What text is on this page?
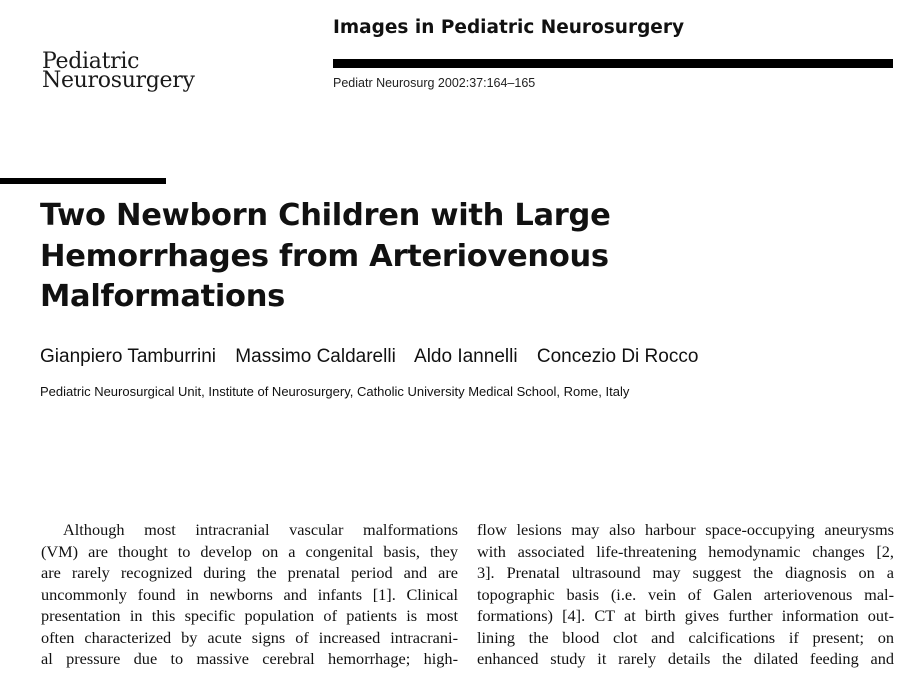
Pediatric
Neurosurgery
Images in Pediatric Neurosurgery
Pediatr Neurosurg 2002:37:164–165
Two Newborn Children with Large
Hemorrhages from Arteriovenous
Malformations
Gianpiero Tamburrini Massimo Caldarelli Aldo Iannelli Concezio Di Rocco
Pediatric Neurosurgical Unit, Institute of Neurosurgery, Catholic University Medical School, Rome, Italy
Although most intracranial vascular malformations
(VM) are thought to develop on a congenital basis, they
are rarely recognized during the prenatal period and are
uncommonly found in newborns and infants [1]. Clinical
presentation in this specific population of patients is most
often characterized by acute signs of increased intracrani-
al pressure due to massive cerebral hemorrhage; high-
flow lesions may also harbour space-occupying aneurysms
with associated life-threatening hemodynamic changes [2,
3]. Prenatal ultrasound may suggest the diagnosis on a
topographic basis (i.e. vein of Galen arteriovenous mal-
formations) [4]. CT at birth gives further information out-
lining the blood clot and calcifications if present; on
enhanced study it rarely details the dilated feeding and
